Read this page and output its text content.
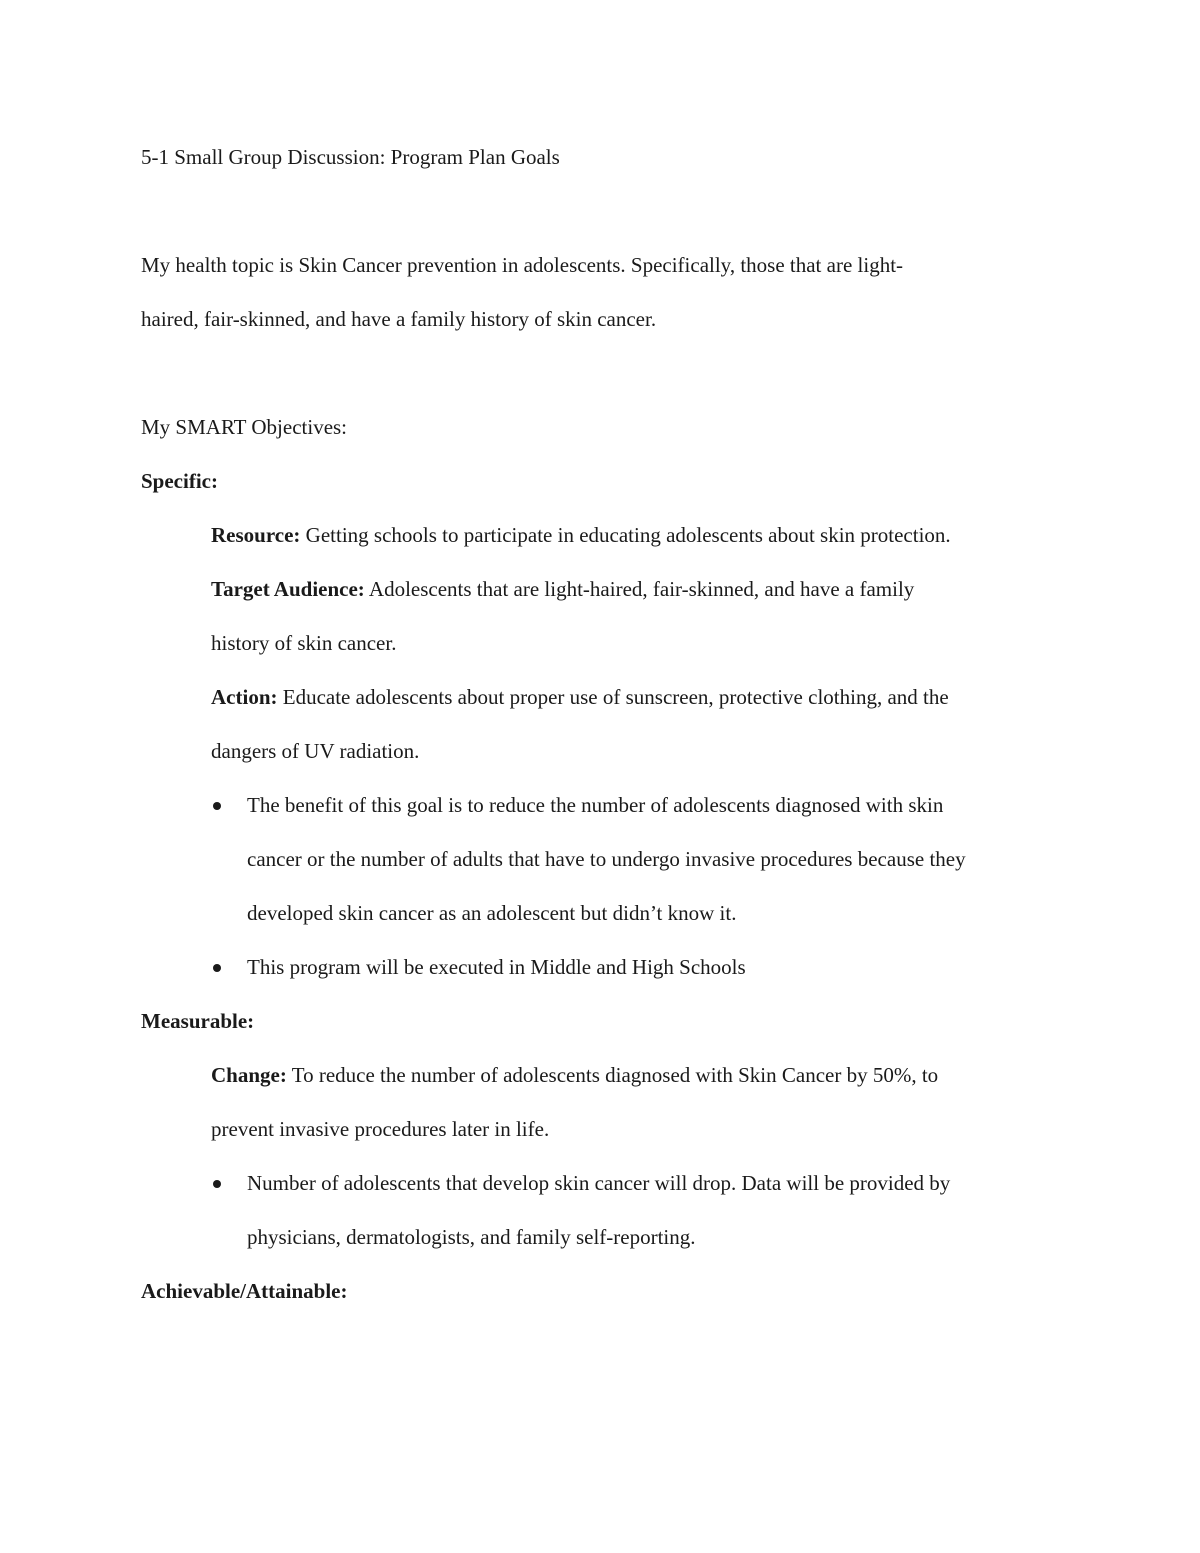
5-1 Small Group Discussion: Program Plan Goals
My health topic is Skin Cancer prevention in adolescents. Specifically, those that are light-
haired, fair-skinned, and have a family history of skin cancer.
My SMART Objectives:
Specific:
Resource: Getting schools to participate in educating adolescents about skin protection.
Target Audience: Adolescents that are light-haired, fair-skinned, and have a family
history of skin cancer.
Action: Educate adolescents about proper use of sunscreen, protective clothing, and the
dangers of UV radiation.
The benefit of this goal is to reduce the number of adolescents diagnosed with skin
cancer or the number of adults that have to undergo invasive procedures because they
developed skin cancer as an adolescent but didn’t know it.
This program will be executed in Middle and High Schools
Measurable:
Change: To reduce the number of adolescents diagnosed with Skin Cancer by 50%, to
prevent invasive procedures later in life.
Number of adolescents that develop skin cancer will drop. Data will be provided by
physicians, dermatologists, and family self-reporting.
Achievable/Attainable:
